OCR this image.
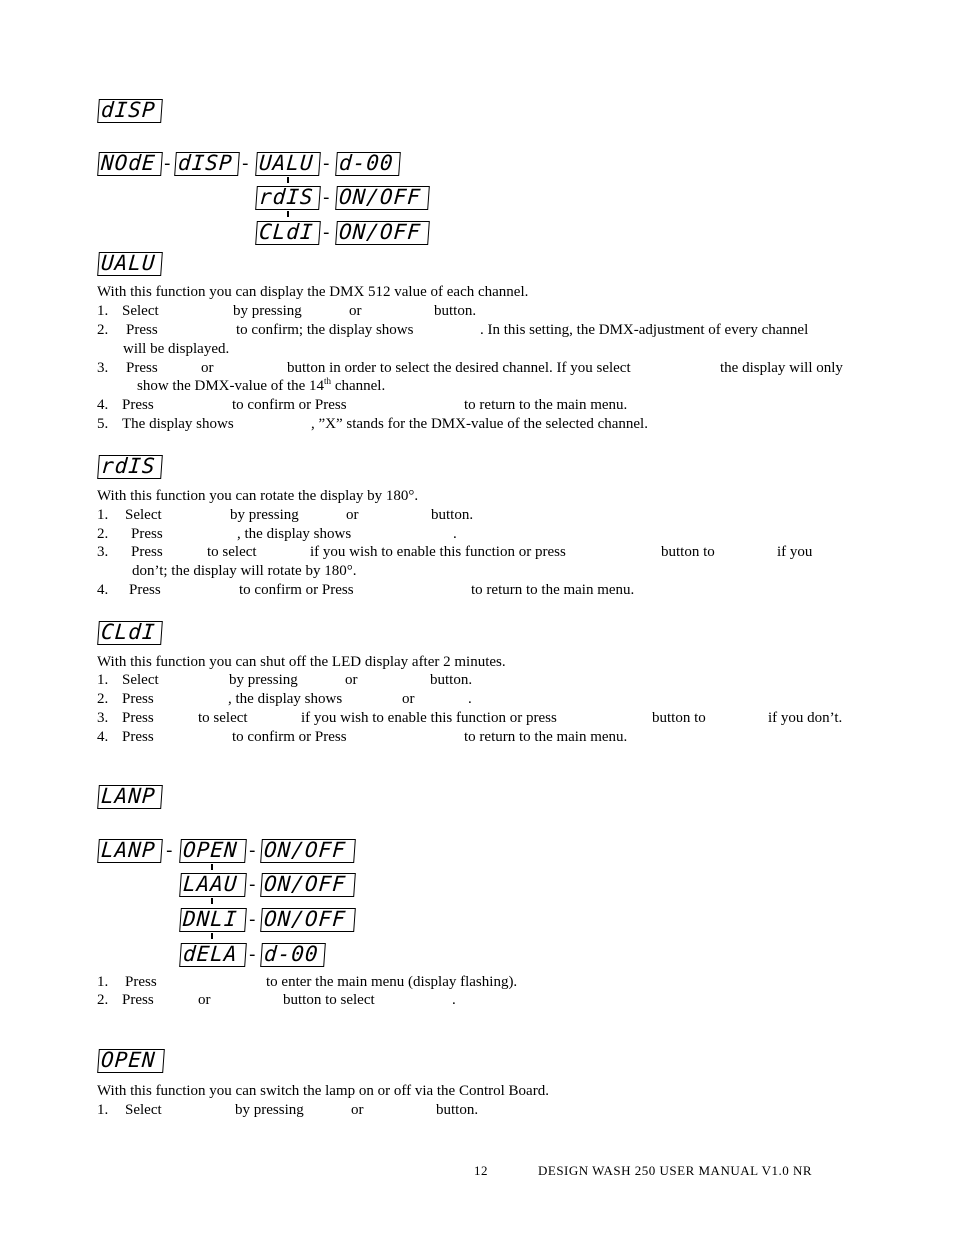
dISP
NOdE - dISP - UALU - d-00
rdIS - ON/OFF
CLdI - ON/OFF
UALU
With this function you can display the DMX 512 value of each channel.
1. Select	by pressing	or	button.
2. Press	to confirm; the display shows	. In this setting, the DMX-adjustment of every channel
will be displayed.
3. Press	or	button in order to select the desired channel. If you select	the display will only
show the DMX-value of the 14th channel.
4. Press	to confirm or Press	to return to the main menu.
5. The display shows	, ”X” stands for the DMX-value of the selected channel.
rdIS
With this function you can rotate the display by 180°.
1. Select	by pressing	or	button.
2. Press	, the display shows	.
3. Press	to select	if you wish to enable this function or press	button to	if you
don’t; the display will rotate by 180°.
4. Press	to confirm or Press	to return to the main menu.
CLdI
With this function you can shut off the LED display after 2 minutes.
1. Select	by pressing	or	button.
2. Press	, the display shows	or	.
3. Press	to select	if you wish to enable this function or press	button to	if you don’t.
4. Press	to confirm or Press	to return to the main menu.
LANP
LANP - OPEN - ON/OFF
LAAU - ON/OFF
DNLI - ON/OFF
dELA - d-00
1. Press	to enter the main menu (display flashing).
2. Press	or	button to select	.
OPEN
With this function you can switch the lamp on or off via the Control Board.
1. Select	by pressing	or	button.
12	DESIGN WASH 250 USER MANUAL V1.0 NR
